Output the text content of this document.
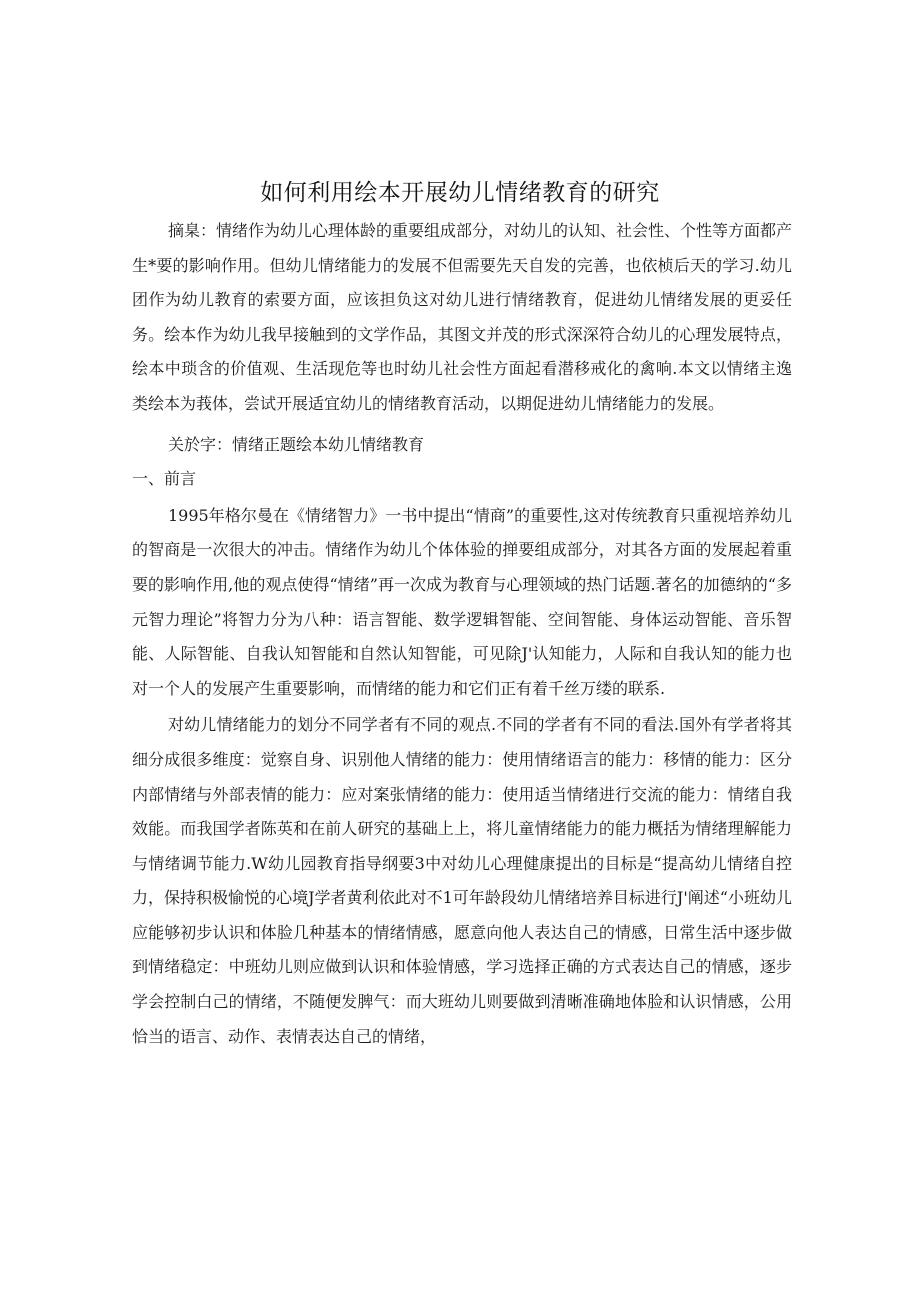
如何利用绘本开展幼儿情绪教育的研究

摘臬：情绪作为幼儿心理体龄的重要组成部分，对幼儿的认知、社会性、个性等方面都产生*要的影响作用。但幼儿情绪能力的发展不但需要先天自发的完善，也依桢后天的学习.幼儿团作为幼儿教育的索要方面，应该担负这对幼儿进行情绪教育，促进幼儿情绪发展的更妥任务。绘本作为幼儿我早接触到的文学作品，其图文并茂的形式深深符合幼儿的心理发展特点，绘本中琐含的价值观、生活现危等也时幼儿社会性方面起看潜移戒化的禽响.本文以情绪主逸类绘本为莪体，尝试开展适宜幼儿的情绪教育活动，以期促进幼儿情绪能力的发展。

关於字：情绪正题绘本幼儿情绪教育

一、前言

1995年格尔曼在《情绪智力》一书中提出“情商”的重要性,这对传统教育只重视培养幼儿的智商是一次很大的冲击。情绪作为幼儿个体体验的掸要组成部分，对其各方面的发展起着重要的影响作用,他的观点使得“情绪”再一次成为教育与心理领域的热门话题.著名的加德纳的“多元智力理论”将智力分为八种：语言智能、数学逻辑智能、空间智能、身体运动智能、音乐智能、人际智能、自我认知智能和自然认知智能，可见除J'认知能力，人际和自我认知的能力也对一个人的发展产生重要影响，而情绪的能力和它们正有着千丝万缕的联系.

对幼儿情绪能力的划分不同学者有不同的观点.不同的学者有不同的看法.国外有学者将其细分成很多维度：觉察自身、识别他人情绪的能力：使用情绪语言的能力：移情的能力：区分内部情绪与外部表情的能力：应对案张情绪的能力：使用适当情绪进行交流的能力：情绪自我效能。而我国学者陈英和在前人研究的基础上上，将儿童情绪能力的能力概括为情绪理解能力与情绪调节能力.W幼儿园教育指导纲要3中对幼儿心理健康提出的目标是“提高幼儿情绪自控力，保持积极愉悦的心境J学者黄利依此对不1可年龄段幼儿情绪培养目标进行J'阐述“小班幼儿应能够初步认识和体脸几种基本的情绪情感，愿意向他人表达自己的情感，日常生活中逐步做到情绪稳定：中班幼儿则应做到认识和体验情感，学习选择正确的方式表达自己的情感，逐步学会控制白己的情绪，不随便发脾气：而大班幼儿则要做到清晰准确地体脸和认识情感，公用恰当的语言、动作、表情表达自己的情绪，
